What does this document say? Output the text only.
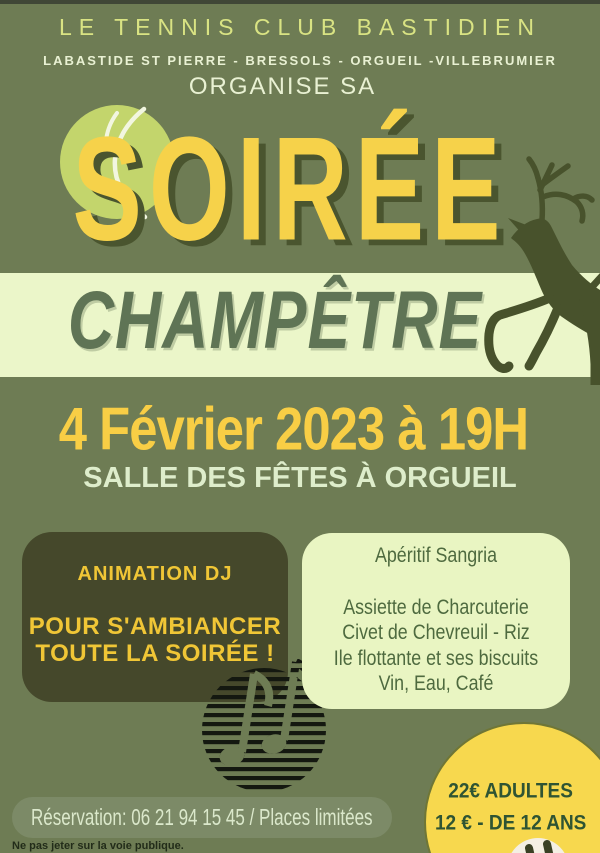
LE TENNIS CLUB BASTIDIEN
LABASTIDE ST PIERRE - BRESSOLS - ORGUEIL -VILLEBRUMIER
ORGANISE SA
SOIRÉE
CHAMPÊTRE
4 Février 2023 à 19H
SALLE DES FÊTES À ORGUEIL
ANIMATION DJ
POUR S'AMBIANCER
TOUTE LA SOIRÉE !
Apéritif Sangria
Assiette de Charcuterie
Civet de Chevreuil - Riz
Ile flottante et ses biscuits
Vin, Eau, Café
Réservation: 06 21 94 15 45 / Places limitées
Ne pas jeter sur la voie publique.
22€ ADULTES
12 € - DE 12 ANS
